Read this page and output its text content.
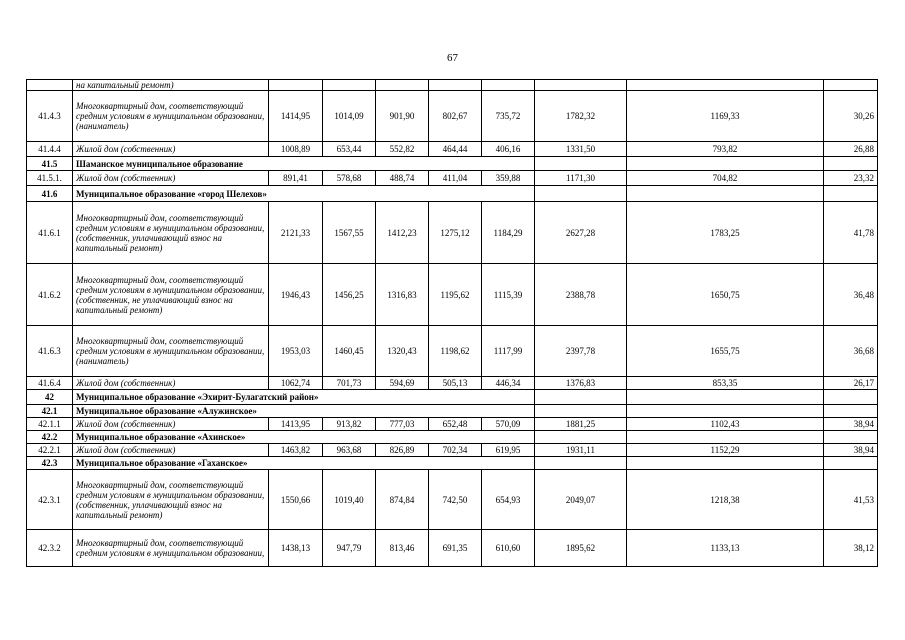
67
	на капитальный ремонт)								
41.4.3	Многоквартирный дом, соответствующий средним условиям в муниципальном образовании, (наниматель)	1414,95	1014,09	901,90	802,67	735,72	1782,32	1169,33	30,26
41.4.4	Жилой дом (собственник)	1008,89	653,44	552,82	464,44	406,16	1331,50	793,82	26,88
41.5	Шаманское муниципальное образование								
41.5.1.	Жилой дом (собственник)	891,41	578,68	488,74	411,04	359,88	1171,30	704,82	23,32
41.6	Муниципальное образование «город Шелехов»								
41.6.1	Многоквартирный дом, соответствующий средним условиям в муниципальном образовании, (собственник, уплачивающий взнос на капитальный ремонт)	2121,33	1567,55	1412,23	1275,12	1184,29	2627,28	1783,25	41,78
41.6.2	Многоквартирный дом, соответствующий средним условиям в муниципальном образовании, (собственник, не уплачивающий взнос на капитальный ремонт)	1946,43	1456,25	1316,83	1195,62	1115,39	2388,78	1650,75	36,48
41.6.3	Многоквартирный дом, соответствующий средним условиям в муниципальном образовании, (наниматель)	1953,03	1460,45	1320,43	1198,62	1117,99	2397,78	1655,75	36,68
41.6.4	Жилой дом (собственник)	1062,74	701,73	594,69	505,13	446,34	1376,83	853,35	26,17
42	Муниципальное образование «Эхирит-Булагатский район»								
42.1	Муниципальное образование «Алужинское»								
42.1.1	Жилой дом (собственник)	1413,95	913,82	777,03	652,48	570,09	1881,25	1102,43	38,94
42.2	Муниципальное образование «Ахинское»								
42.2.1	Жилой дом (собственник)	1463,82	963,68	826,89	702,34	619,95	1931,11	1152,29	38,94
42.3	Муниципальное образование «Гаханское»								
42.3.1	Многоквартирный дом, соответствующий средним условиям в муниципальном образовании, (собственник, уплачивающий взнос на капитальный ремонт)	1550,66	1019,40	874,84	742,50	654,93	2049,07	1218,38	41,53
42.3.2	Многоквартирный дом, соответствующий средним условиям в муниципальном образовании,	1438,13	947,79	813,46	691,35	610,60	1895,62	1133,13	38,12
